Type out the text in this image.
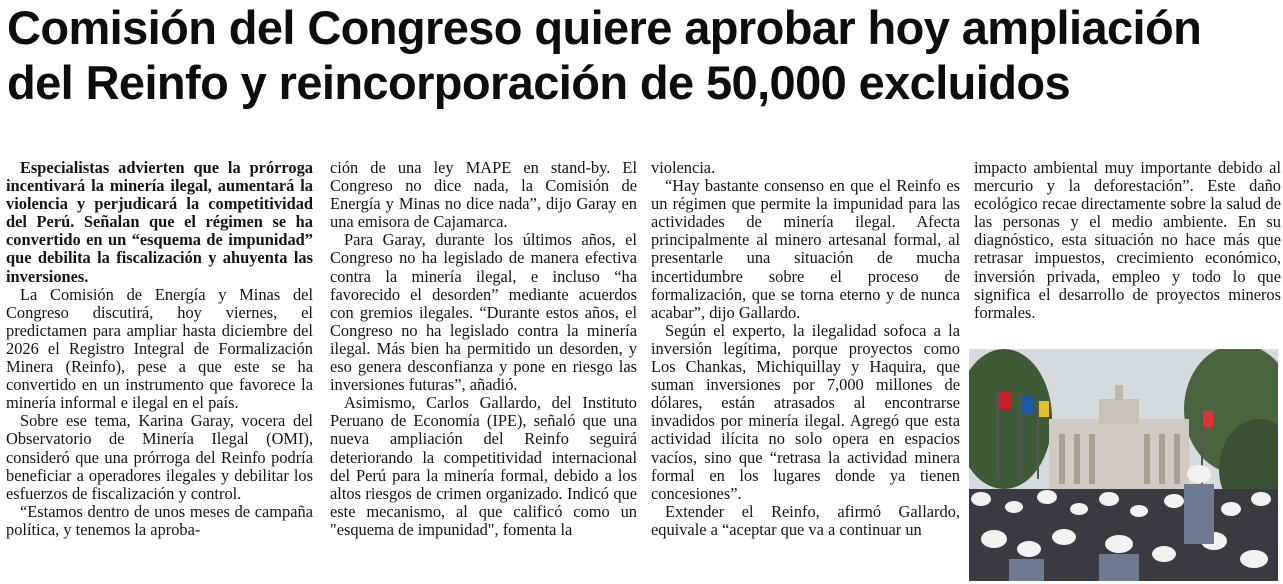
Comisión del Congreso quiere aprobar hoy ampliación del Reinfo y reincorporación de 50,000 excluidos

Especialistas advierten que la prórroga incentivará la minería ilegal, aumentará la violencia y perjudicará la competitividad del Perú. Señalan que el régimen se ha convertido en un “esquema de impunidad” que debilita la fiscalización y ahuyenta las inversiones.

La Comisión de Energía y Minas del Congreso discutirá, hoy viernes, el predictamen para ampliar hasta diciembre del 2026 el Registro Integral de Formalización Minera (Reinfo), pese a que este se ha convertido en un instrumento que favorece la minería informal e ilegal en el país.

Sobre ese tema, Karina Garay, vocera del Observatorio de Minería Ilegal (OMI), consideró que una prórroga del Reinfo podría beneficiar a operadores ilegales y debilitar los esfuerzos de fiscalización y control.

“Estamos dentro de unos meses de campaña política, y tenemos la aproba-

ción de una ley MAPE en stand-by. El Congreso no dice nada, la Comisión de Energía y Minas no dice nada”, dijo Garay en una emisora de Cajamarca.

Para Garay, durante los últimos años, el Congreso no ha legislado de manera efectiva contra la minería ilegal, e incluso “ha favorecido el desorden” mediante acuerdos con gremios ilegales. “Durante estos años, el Congreso no ha legislado contra la minería ilegal. Más bien ha permitido un desorden, y eso genera desconfianza y pone en riesgo las inversiones futuras”, añadió.

Asimismo, Carlos Gallardo, del Instituto Peruano de Economía (IPE), señaló que una nueva ampliación del Reinfo seguirá deteriorando la competitividad internacional del Perú para la minería formal, debido a los altos riesgos de crimen organizado. Indicó que este mecanismo, al que calificó como un "esquema de impunidad", fomenta la

violencia.

“Hay bastante consenso en que el Reinfo es un régimen que permite la impunidad para las actividades de minería ilegal. Afecta principalmente al minero artesanal formal, al presentarle una situación de mucha incertidumbre sobre el proceso de formalización, que se torna eterno y de nunca acabar”, dijo Gallardo.

Según el experto, la ilegalidad sofoca a la inversión legítima, porque proyectos como Los Chankas, Michiquillay y Haquira, que suman inversiones por 7,000 millones de dólares, están atrasados al encontrarse invadidos por minería ilegal. Agregó que esta actividad ilícita no solo opera en espacios vacíos, sino que “retrasa la actividad minera formal en los lugares donde ya tienen concesiones”.

Extender el Reinfo, afirmó Gallardo, equivale a “aceptar que va a continuar un

impacto ambiental muy importante debido al mercurio y la deforestación”. Este daño ecológico recae directamente sobre la salud de las personas y el medio ambiente. En su diagnóstico, esta situación no hace más que retrasar impuestos, crecimiento económico, inversión privada, empleo y todo lo que significa el desarrollo de proyectos mineros formales.
